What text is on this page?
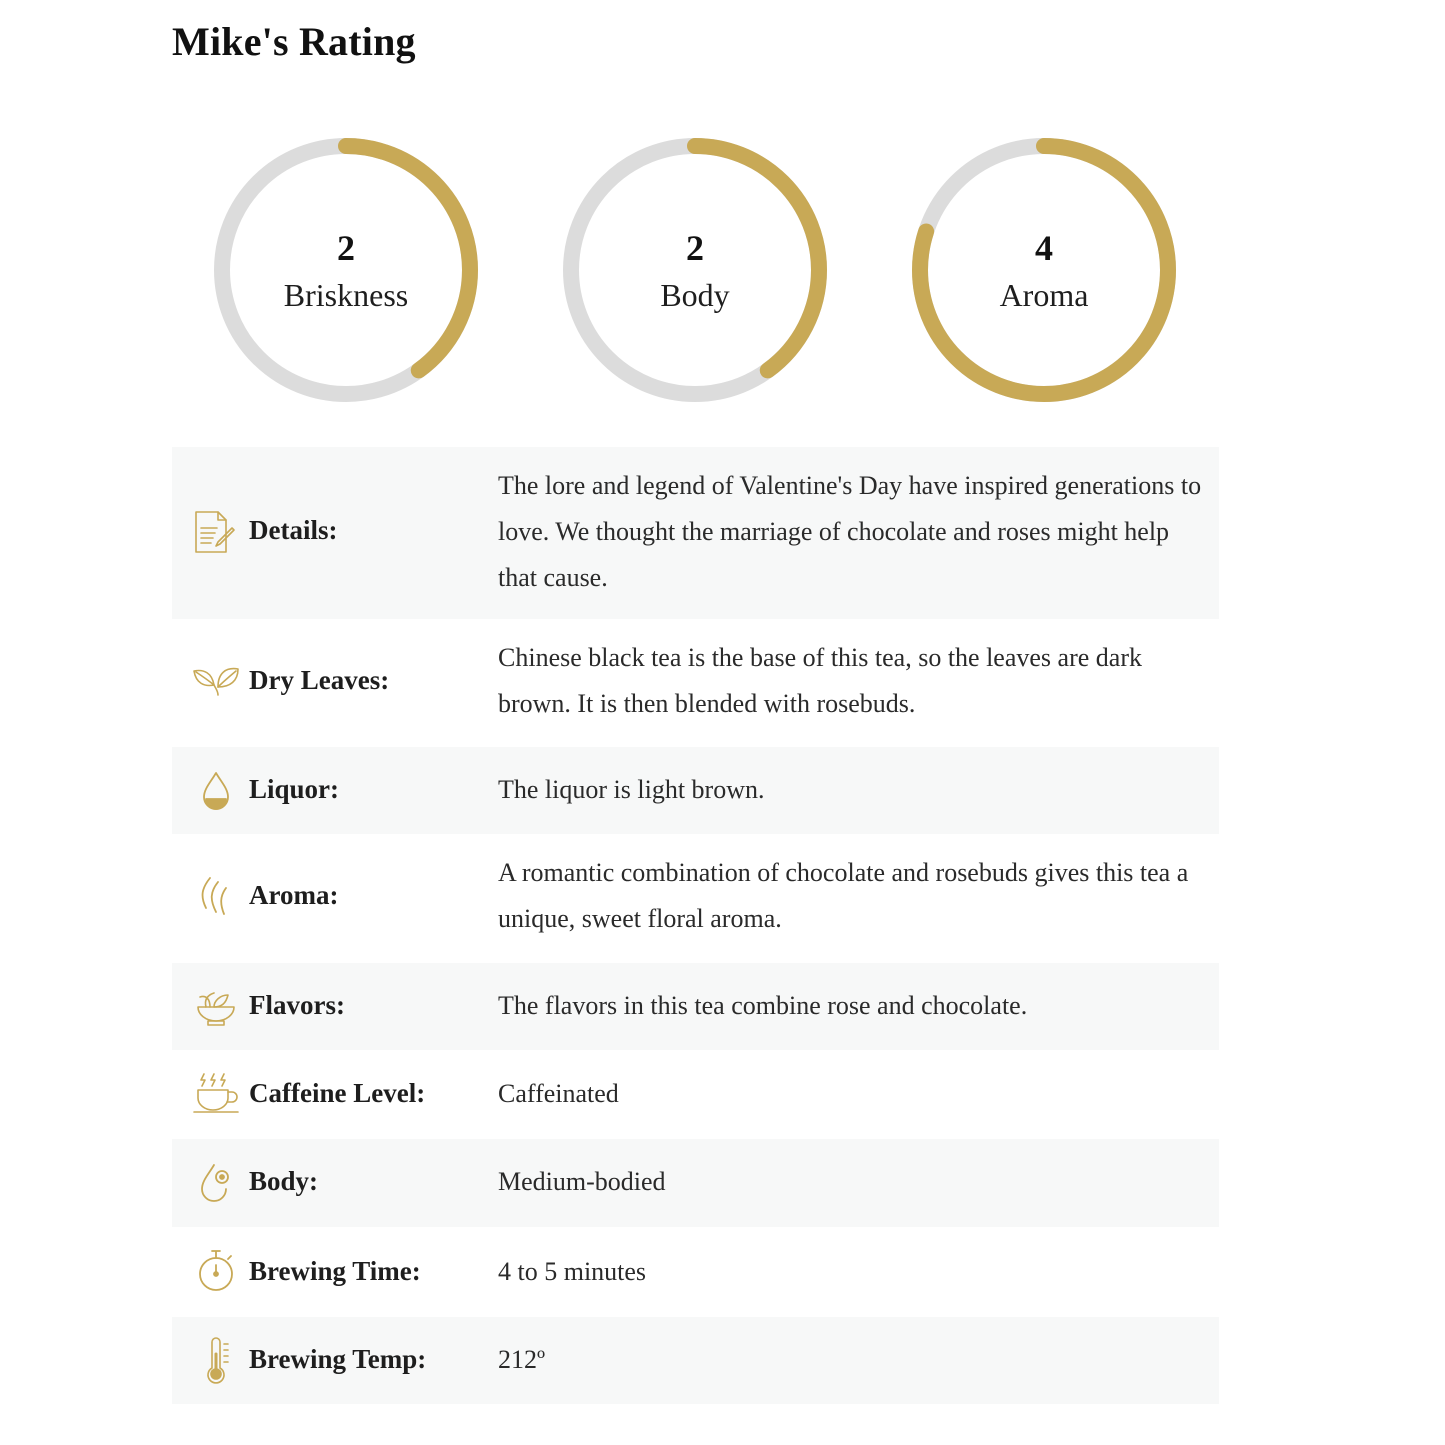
Mike's Rating
2
Briskness
2
Body
4
Aroma
Details:
The lore and legend of Valentine's Day have inspired generations to love. We thought the marriage of chocolate and roses might help that cause.
Dry Leaves:
Chinese black tea is the base of this tea, so the leaves are dark brown. It is then blended with rosebuds.
Liquor:	The liquor is light brown.
Aroma:
A romantic combination of chocolate and rosebuds gives this tea a unique, sweet floral aroma.
Flavors:	The flavors in this tea combine rose and chocolate.
Caffeine Level:	Caffeinated
Body:	Medium-bodied
Brewing Time:	4 to 5 minutes
Brewing Temp:	212º
